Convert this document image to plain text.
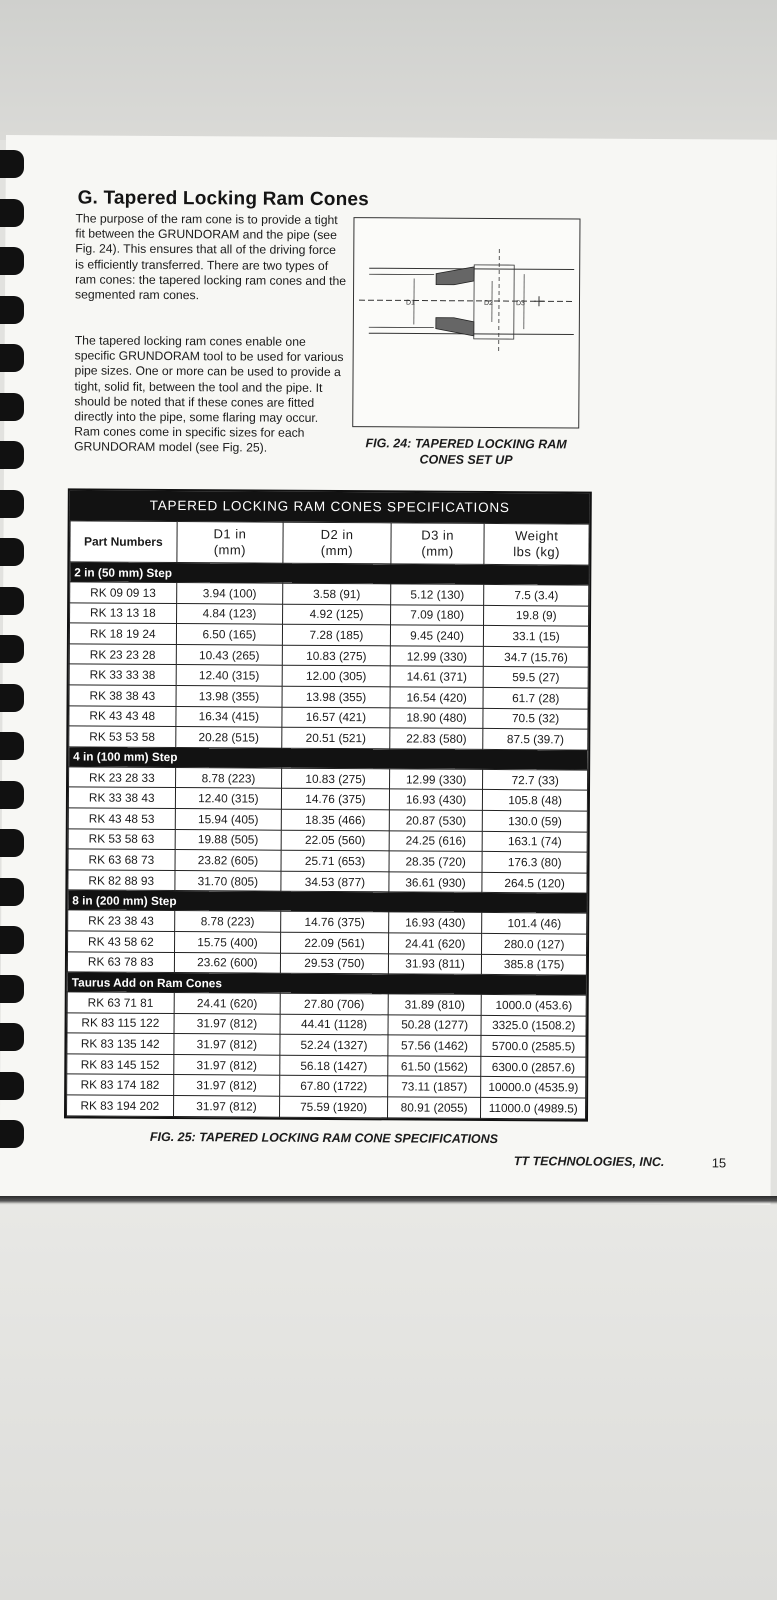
G. Tapered Locking Ram Cones

The purpose of the ram cone is to provide a tight fit between the GRUNDORAM and the pipe (see Fig. 24). This ensures that all of the driving force is efficiently transferred. There are two types of ram cones: the tapered locking ram cones and the segmented ram cones.

The tapered locking ram cones enable one specific GRUNDORAM tool to be used for various pipe sizes. One or more can be used to provide a tight, solid fit, between the tool and the pipe. It should be noted that if these cones are fitted directly into the pipe, some flaring may occur. Ram cones come in specific sizes for each GRUNDORAM model (see Fig. 25).

D1	D2	D3
FIG. 24: TAPERED LOCKING RAM CONES SET UP
TAPERED LOCKING RAM CONES SPECIFICATIONS
Part Numbers	D1 in (mm)	D2 in (mm)	D3 in (mm)	Weight lbs (kg)
2 in (50 mm) Step				
RK 09 09 13	3.94 (100)	3.58 (91)	5.12 (130)	7.5 (3.4)
RK 13 13 18	4.84 (123)	4.92 (125)	7.09 (180)	19.8 (9)
RK 18 19 24	6.50 (165)	7.28 (185)	9.45 (240)	33.1 (15)
RK 23 23 28	10.43 (265)	10.83 (275)	12.99 (330)	34.7 (15.76)
RK 33 33 38	12.40 (315)	12.00 (305)	14.61 (371)	59.5 (27)
RK 38 38 43	13.98 (355)	13.98 (355)	16.54 (420)	61.7 (28)
RK 43 43 48	16.34 (415)	16.57 (421)	18.90 (480)	70.5 (32)
RK 53 53 58	20.28 (515)	20.51 (521)	22.83 (580)	87.5 (39.7)
4 in (100 mm) Step				
RK 23 28 33	8.78 (223)	10.83 (275)	12.99 (330)	72.7 (33)
RK 33 38 43	12.40 (315)	14.76 (375)	16.93 (430)	105.8 (48)
RK 43 48 53	15.94 (405)	18.35 (466)	20.87 (530)	130.0 (59)
RK 53 58 63	19.88 (505)	22.05 (560)	24.25 (616)	163.1 (74)
RK 63 68 73	23.82 (605)	25.71 (653)	28.35 (720)	176.3 (80)
RK 82 88 93	31.70 (805)	34.53 (877)	36.61 (930)	264.5 (120)
8 in (200 mm) Step				
RK 23 38 43	8.78 (223)	14.76 (375)	16.93 (430)	101.4 (46)
RK 43 58 62	15.75 (400)	22.09 (561)	24.41 (620)	280.0 (127)
RK 63 78 83	23.62 (600)	29.53 (750)	31.93 (811)	385.8 (175)
Taurus Add on Ram Cones				
RK 63 71 81	24.41 (620)	27.80 (706)	31.89 (810)	1000.0 (453.6)
RK 83 115 122	31.97 (812)	44.41 (1128)	50.28 (1277)	3325.0 (1508.2)
RK 83 135 142	31.97 (812)	52.24 (1327)	57.56 (1462)	5700.0 (2585.5)
RK 83 145 152	31.97 (812)	56.18 (1427)	61.50 (1562)	6300.0 (2857.6)
RK 83 174 182	31.97 (812)	67.80 (1722)	73.11 (1857)	10000.0 (4535.9)
RK 83 194 202	31.97 (812)	75.59 (1920)	80.91 (2055)	11000.0 (4989.5)
FIG. 25: TAPERED LOCKING RAM CONE SPECIFICATIONS
TT TECHNOLOGIES, INC.	15
